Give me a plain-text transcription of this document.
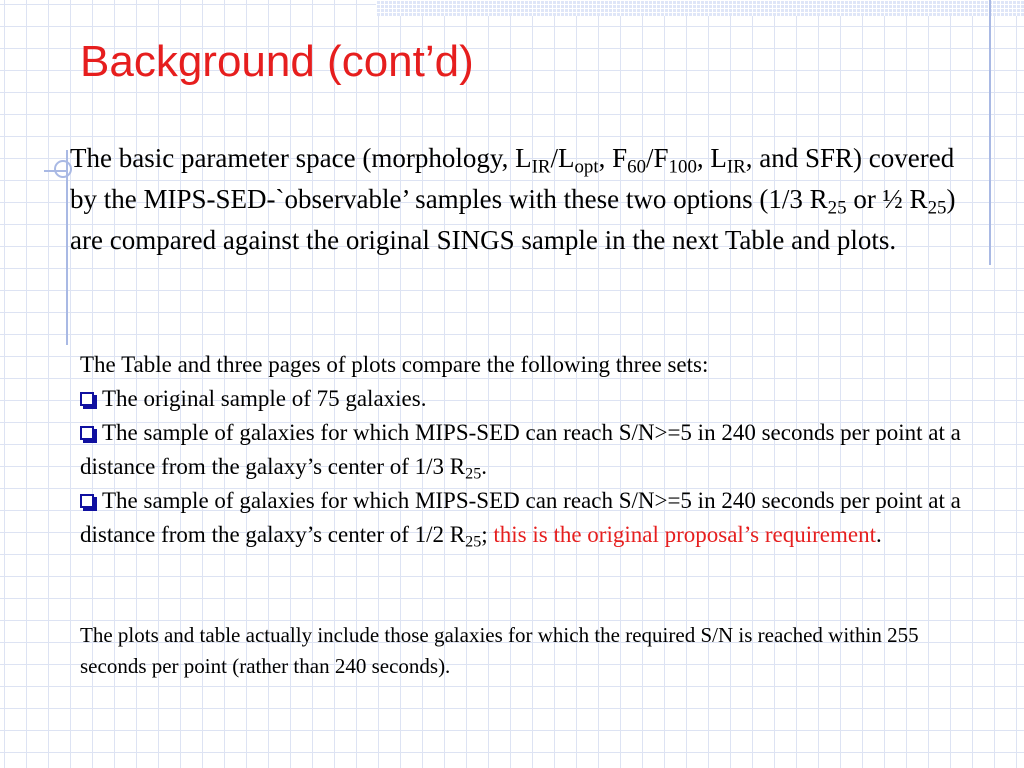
Background (cont’d)

The basic parameter space (morphology, $L_{IR}/L_{opt}$, $F_{60}/F_{100}$, $L_{IR}$, and SFR) covered by the MIPS-SED-`observable’ samples with these two options (1/3 $R_{25}$ or ½ $R_{25}$) are compared against the original SINGS sample in the next Table and plots.

The Table and three pages of plots compare the following three sets:

The original sample of 75 galaxies.
The sample of galaxies for which MIPS-SED can reach S/N>=5 in 240 seconds per point at a distance from the galaxy’s center of 1/3 $R_{25}$.
The sample of galaxies for which MIPS-SED can reach S/N>=5 in 240 seconds per point at a distance from the galaxy’s center of 1/2 $R_{25}$; this is the original proposal’s requirement.

The plots and table actually include those galaxies for which the required S/N is reached within 255 seconds per point (rather than 240 seconds).
